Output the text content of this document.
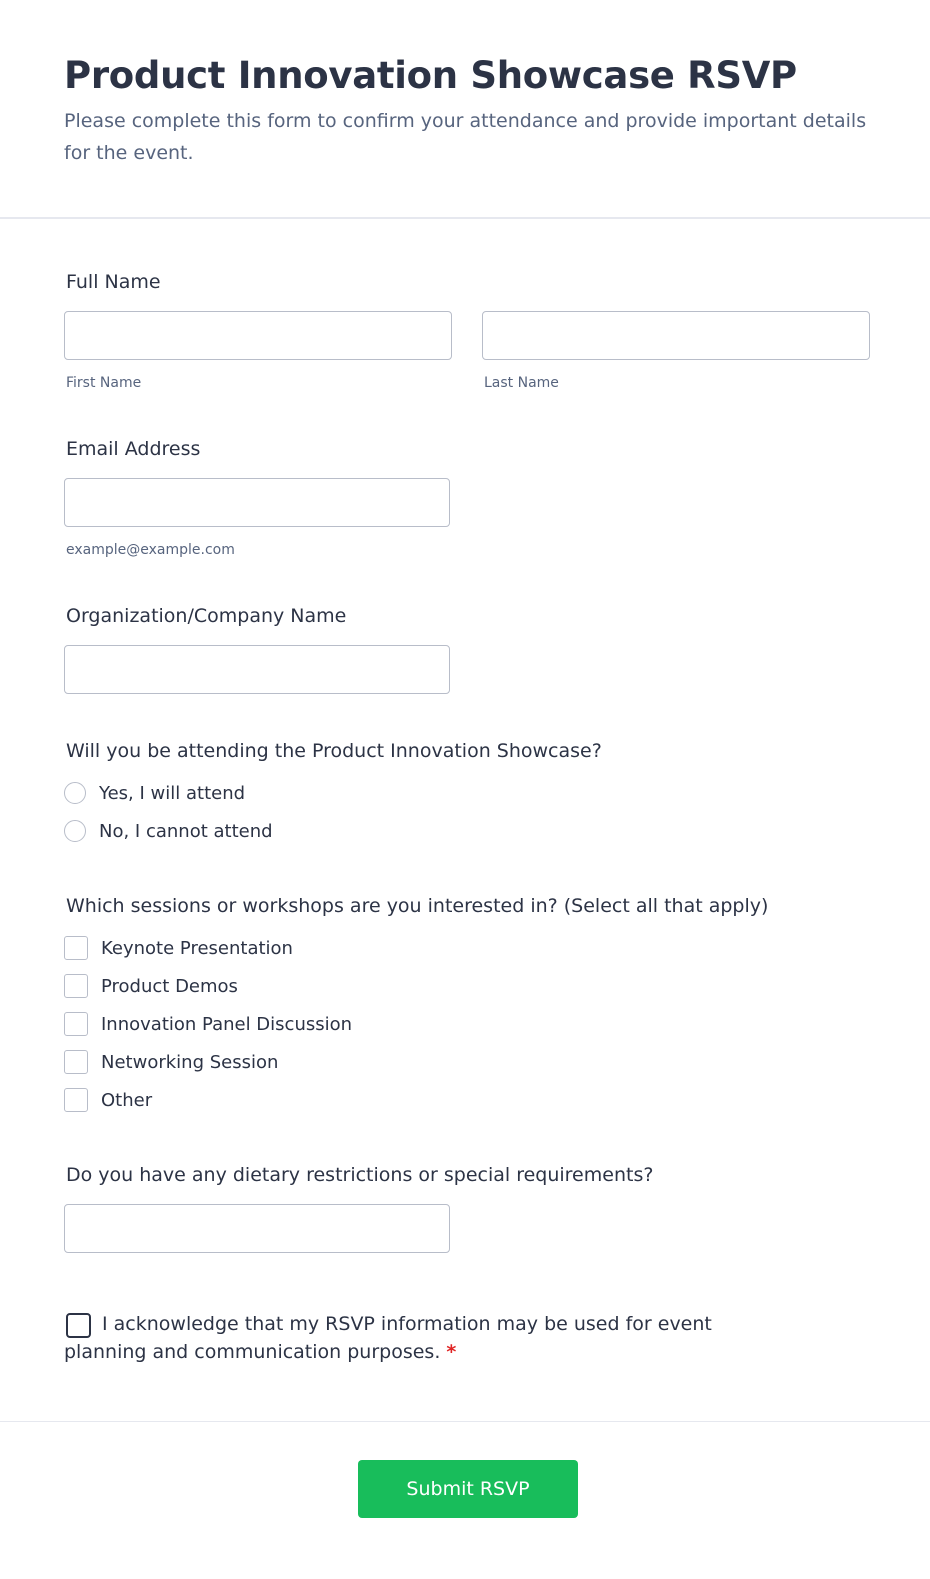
Product Innovation Showcase RSVP

Please complete this form to confirm your attendance and provide important details for the event.

Full Name
First Name	Last Name
Email Address
example@example.com
Organization/Company Name
Will you be attending the Product Innovation Showcase?
Yes, I will attend
No, I cannot attend
Which sessions or workshops are you interested in? (Select all that apply)
Keynote Presentation
Product Demos
Innovation Panel Discussion
Networking Session
Other
Do you have any dietary restrictions or special requirements?
I acknowledge that my RSVP information may be used for event
planning and communication purposes. *
Submit RSVP
